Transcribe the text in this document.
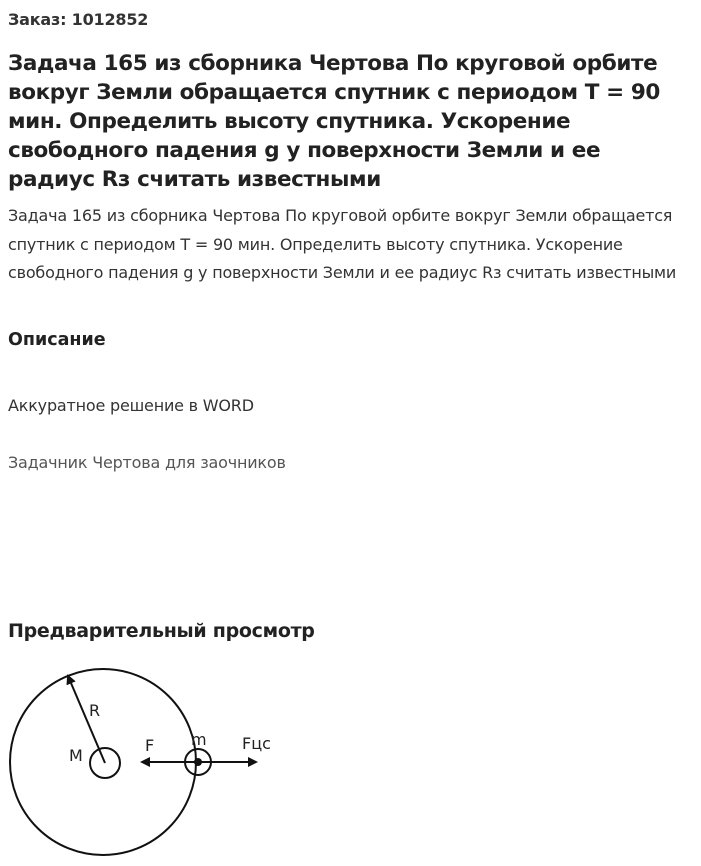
Заказ: 1012852
Задача 165 из сборника Чертова По круговой орбите вокруг Земли обращается спутник с периодом T = 90 мин. Определить высоту спутника. Ускорение свободного падения g у поверхности Земли и ее радиус Rз считать известными

Задача 165 из сборника Чертова По круговой орбите вокруг Земли обращается спутник с периодом T = 90 мин. Определить высоту спутника. Ускорение свободного падения g у поверхности Земли и ее радиус Rз считать известными

Описание
Аккуратное решение в WORD
Задачник Чертова для заочников
Предварительный просмотр
R
M
F m Fцс
